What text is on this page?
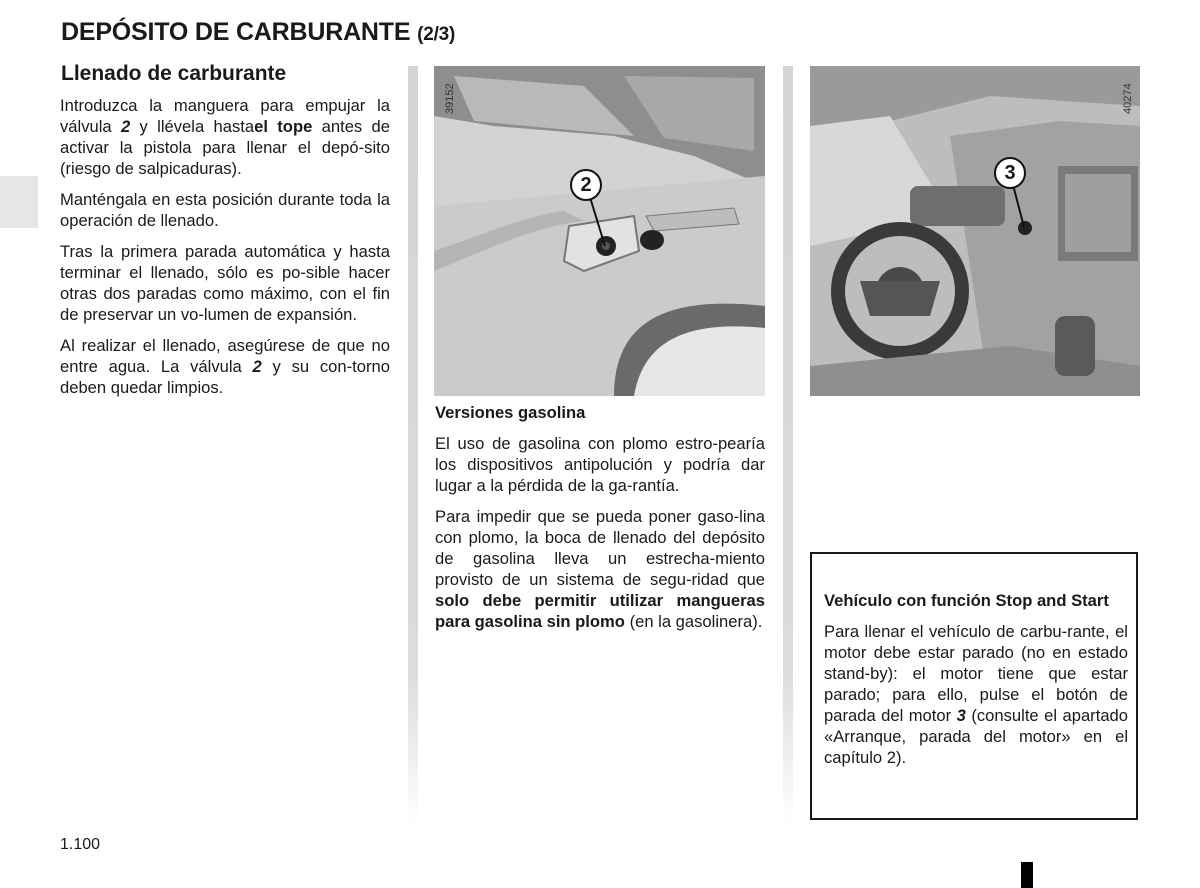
DEPÓSITO DE CARBURANTE (2/3)
Llenado de carburante

Introduzca la manguera para empujar la válvula 2 y llévela hastael tope antes de activar la pistola para llenar el depó-sito (riesgo de salpicaduras).

Manténgala en esta posición durante toda la operación de llenado.

Tras la primera parada automática y hasta terminar el llenado, sólo es po-sible hacer otras dos paradas como máximo, con el fin de preservar un vo-lumen de expansión.

Al realizar el llenado, asegúrese de que no entre agua. La válvula 2 y su con-torno deben quedar limpios.

39152
2
40274
3

Versiones gasolina

El uso de gasolina con plomo estro-pearía los dispositivos antipolución y podría dar lugar a la pérdida de la ga-rantía.

Para impedir que se pueda poner gaso-lina con plomo, la boca de llenado del depósito de gasolina lleva un estrecha-miento provisto de un sistema de segu-ridad que solo debe permitir utilizar mangueras para gasolina sin plomo (en la gasolinera).

Vehículo con función Stop and Start

Para llenar el vehículo de carbu-rante, el motor debe estar parado (no en estado stand-by): el motor tiene que estar parado; para ello, pulse el botón de parada del motor 3 (consulte el apartado «Arranque, parada del motor» en el capítulo 2).

1.100
